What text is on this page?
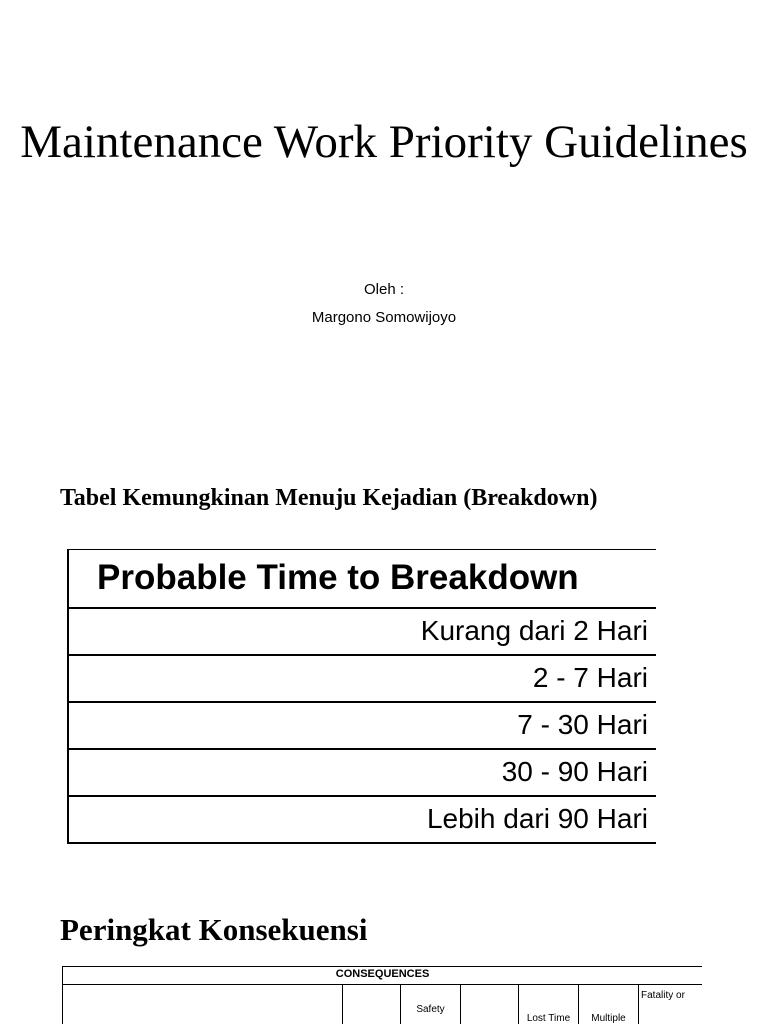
Maintenance Work Priority Guidelines
Oleh :
Margono Somowijoyo
Tabel Kemungkinan Menuju Kejadian (Breakdown)
Probable Time to Breakdown
Kurang dari 2 Hari
2 - 7 Hari
7 - 30 Hari
30 - 90 Hari
Lebih dari 90 Hari
Peringkat Konsekuensi
CONSEQUENCES
		Safety		Lost Time	Multiple	Fatality or
